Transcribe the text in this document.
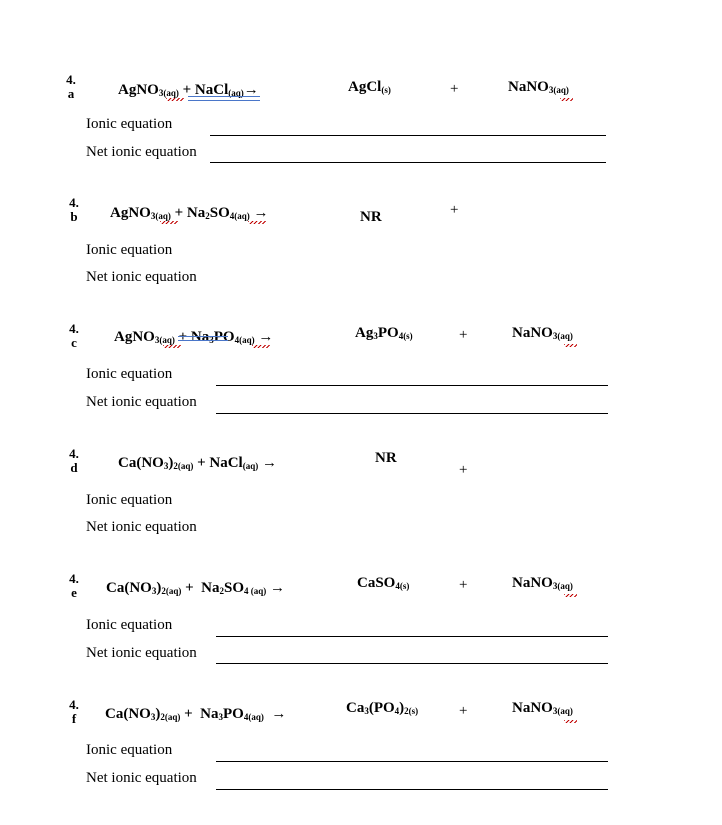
4.
a	AgNO$_{3(aq)}$ + NaCl$_{(aq)}$→	AgCl$_{(s)}$	+	NaNO$_{3(aq)}$
Ionic equation
Net ionic equation
4.
b AgNO$_{3(aq)}$ + $Na_2SO_{4(aq)}$ →	NR	+
Ionic equation
Net ionic equation
4.
c AgNO$_{3(aq)}$ + $Na_3PO_{4(aq)}$ →	$Ag_3PO_{4(s)}$	+	NaNO$_{3(aq)}$
Ionic equation
Net ionic equation
4.
d	$Ca(NO_3)_{2(aq)}$ + NaCl$_{(aq)}$ →	NR
+
Ionic equation
Net ionic equation
4.
e $Ca(NO_3)_{2(aq)} + Na_2SO_{4 (aq)}$ →	CaSO$_{4(s)}$	+	NaNO$_{3(aq)}$
Ionic equation
Net ionic equation
4.
f	$Ca(NO_3)_{2(aq)} + Na_3PO_{4(aq)}$  →	$Ca_3(PO_4)_{2(s)}$	+	NaNO$_{3(aq)}$
Ionic equation
Net ionic equation
